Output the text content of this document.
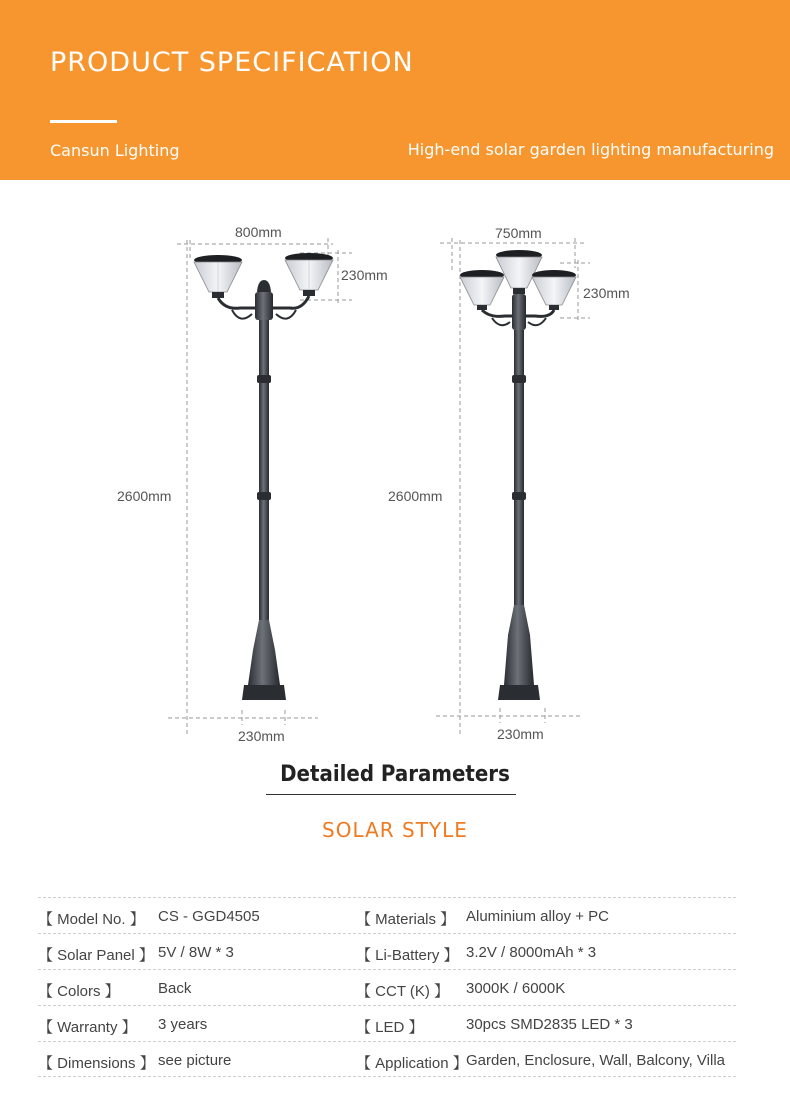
PRODUCT SPECIFICATION
Cansun Lighting	High-end solar garden lighting manufacturing
800mm
230mm
2600mm
230mm
750mm
230mm
2600mm
230mm
Detailed Parameters
SOLAR STYLE
【 Model No. 】 CS - GGD4505	【 Materials 】 Aluminium alloy + PC
【 Solar Panel 】 5V / 8W * 3	【 Li-Battery 】 3.2V / 8000mAh * 3
【 Colors 】	Back	【 CCT (K) 】 3000K / 6000K
【 Warranty 】 3 years	【 LED 】	30pcs SMD2835 LED * 3
【 Dimensions 】 see picture	【 Application 】
Garden, Enclosure, Wall, Balcony, Villa
